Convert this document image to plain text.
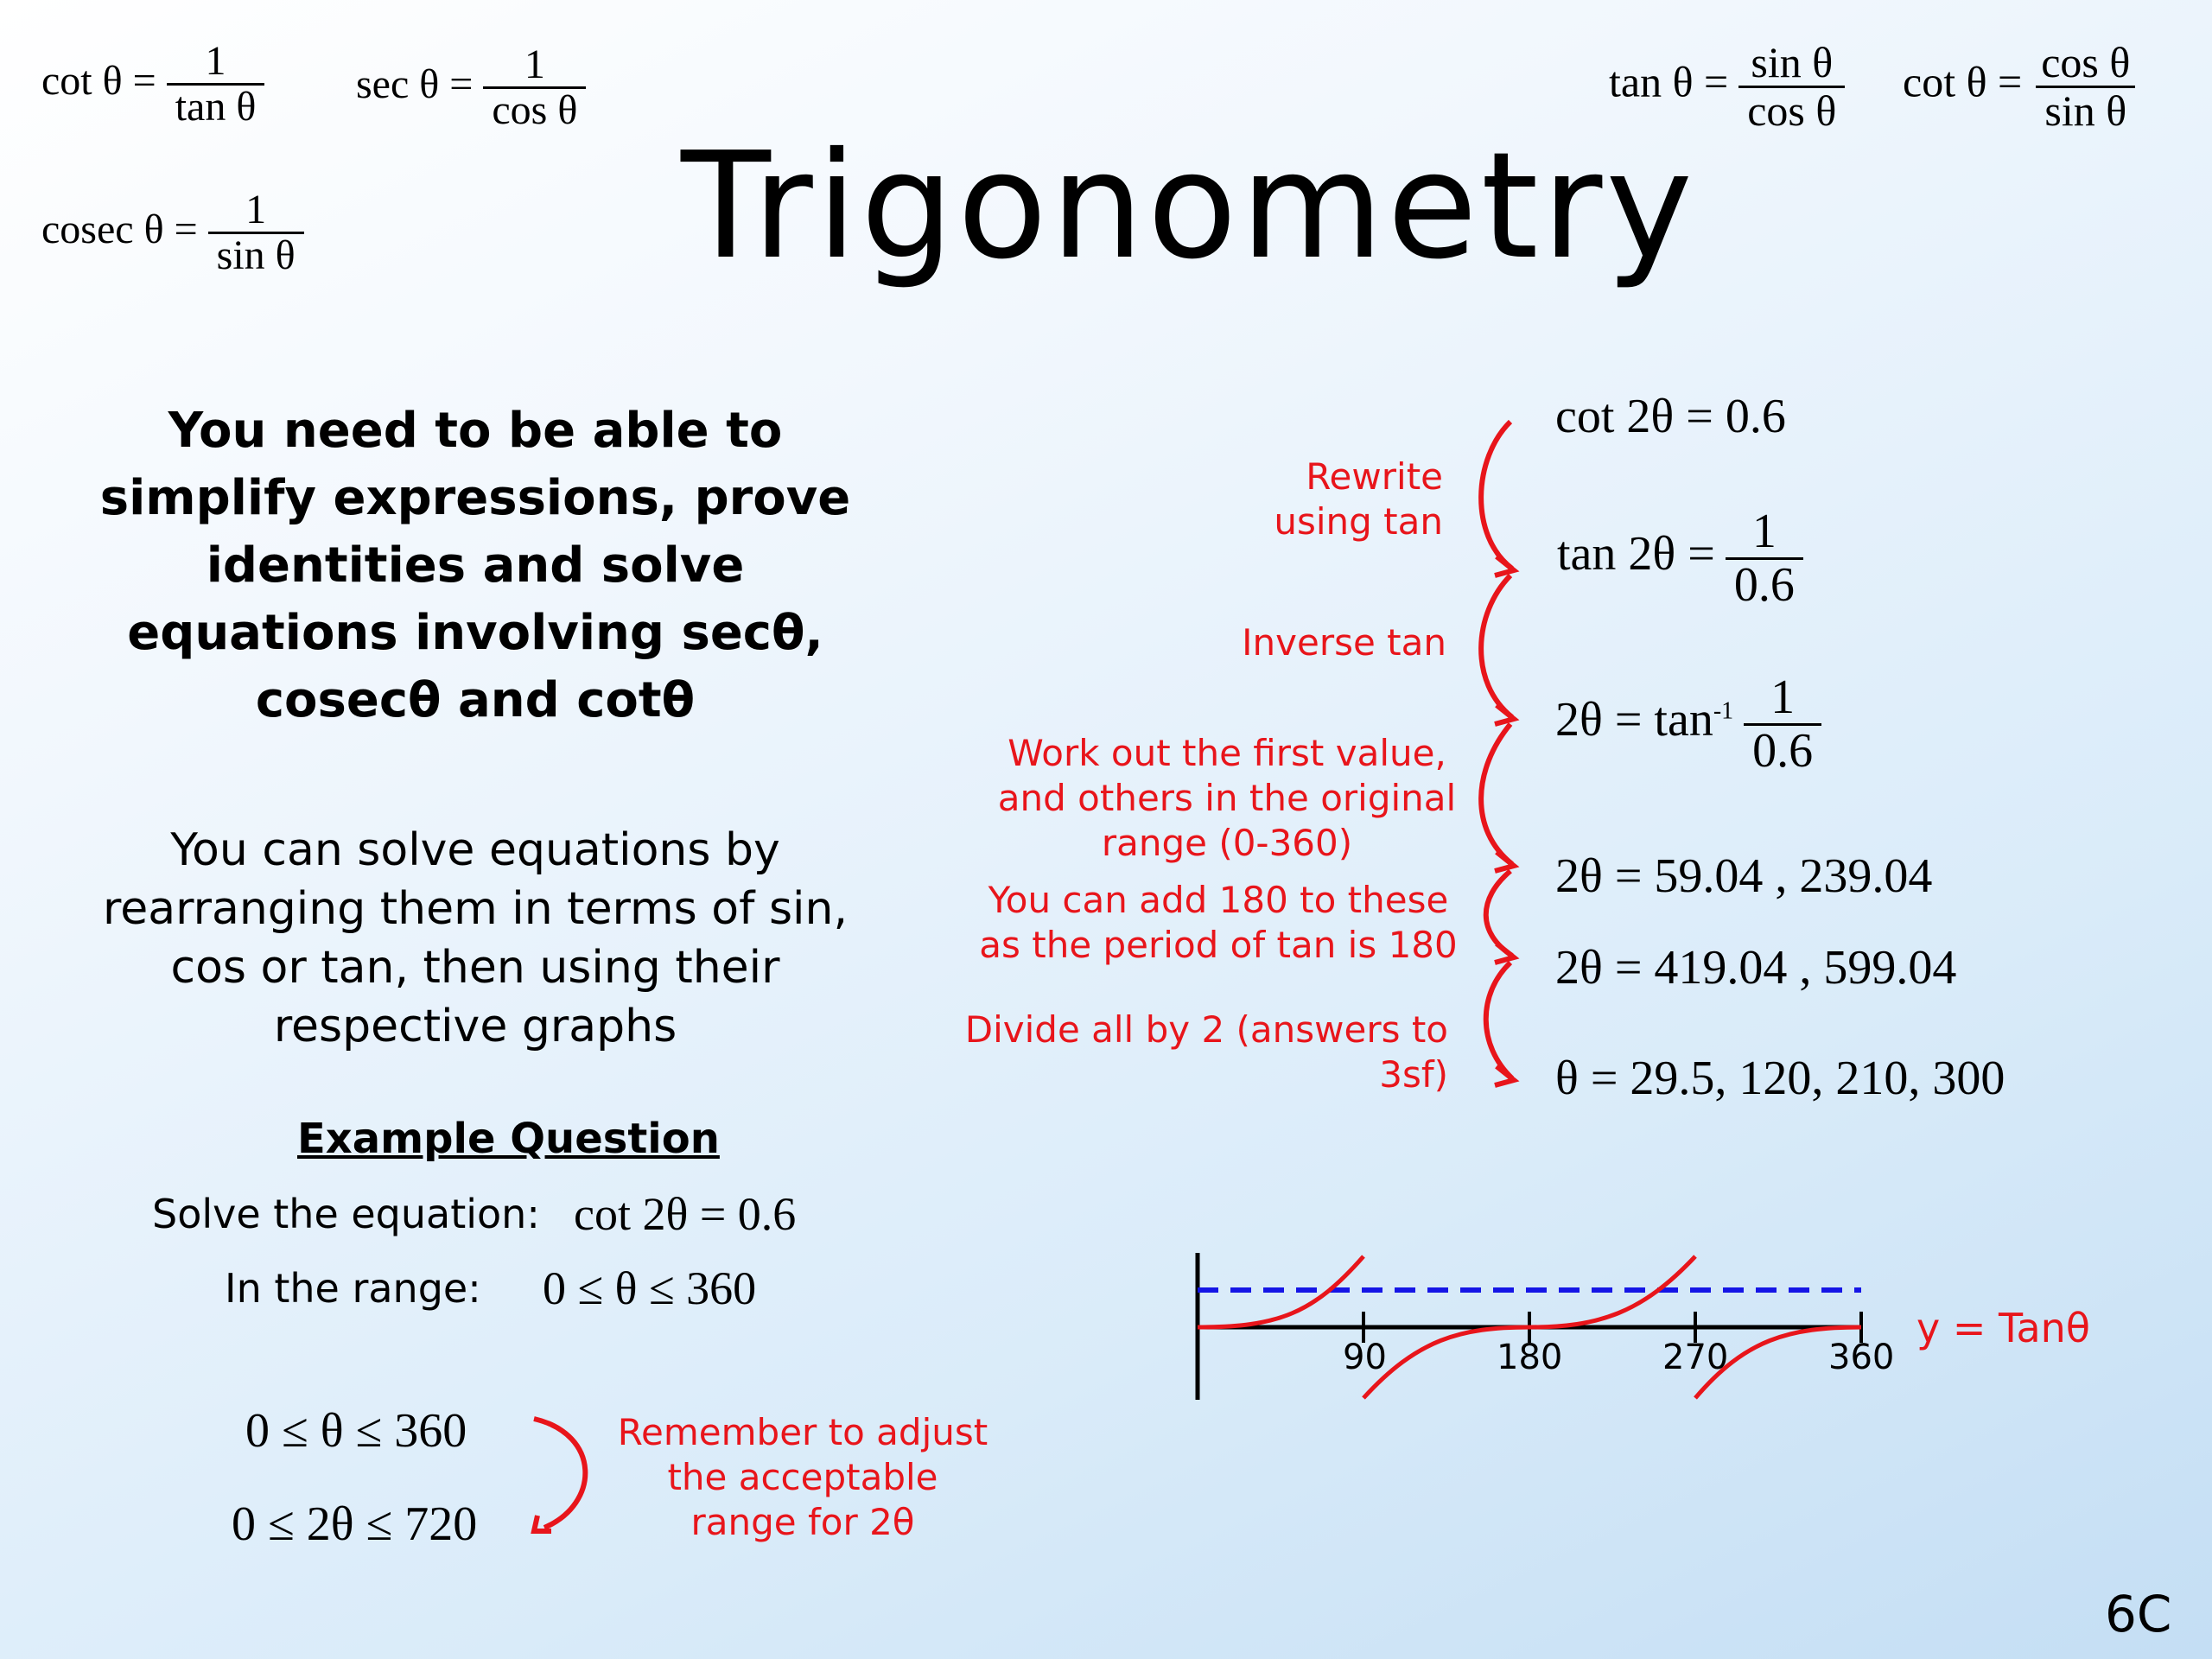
Trigonometry
$\cot \theta = \frac{1}{\text{tan θ}}$ $\sec \theta = \frac{1}{\text{cos θ}}$
cosec $\theta = \frac{1}{\text{sin θ}}$
$\tan \theta = \frac{\text{sin θ}}{\text{cos θ}}$ $\cot \theta = \frac{\text{cos θ}}{\text{sin θ}}$
You need to be able to simplify expressions, prove identities and solve equations involving secθ, cosecθ and cotθ
You can solve equations by rearranging them in terms of sin, cos or tan, then using their respective graphs
Example Question
Solve the equation: cot 2θ = 0.6
In the range: 0 ≤ θ ≤ 360
0 ≤ θ ≤ 360
0 ≤ 2θ ≤ 720
Remember to adjust the acceptable range for 2θ
Rewrite using tan
Inverse tan
Work out the first value, and others in the original range (0-360)
You can add 180 to these as the period of tan is 180
Divide all by 2 (answers to 3sf)
cot 2θ = 0.6
$\tan 2\theta = \frac{1}{0.6}$
$2\theta = \tan^{-1} \frac{1}{0.6}$
2θ = 59.04 , 239.04
2θ = 419.04 , 599.04
θ = 29.5, 120, 210, 300
90	180	270	360
y = Tanθ
6C
